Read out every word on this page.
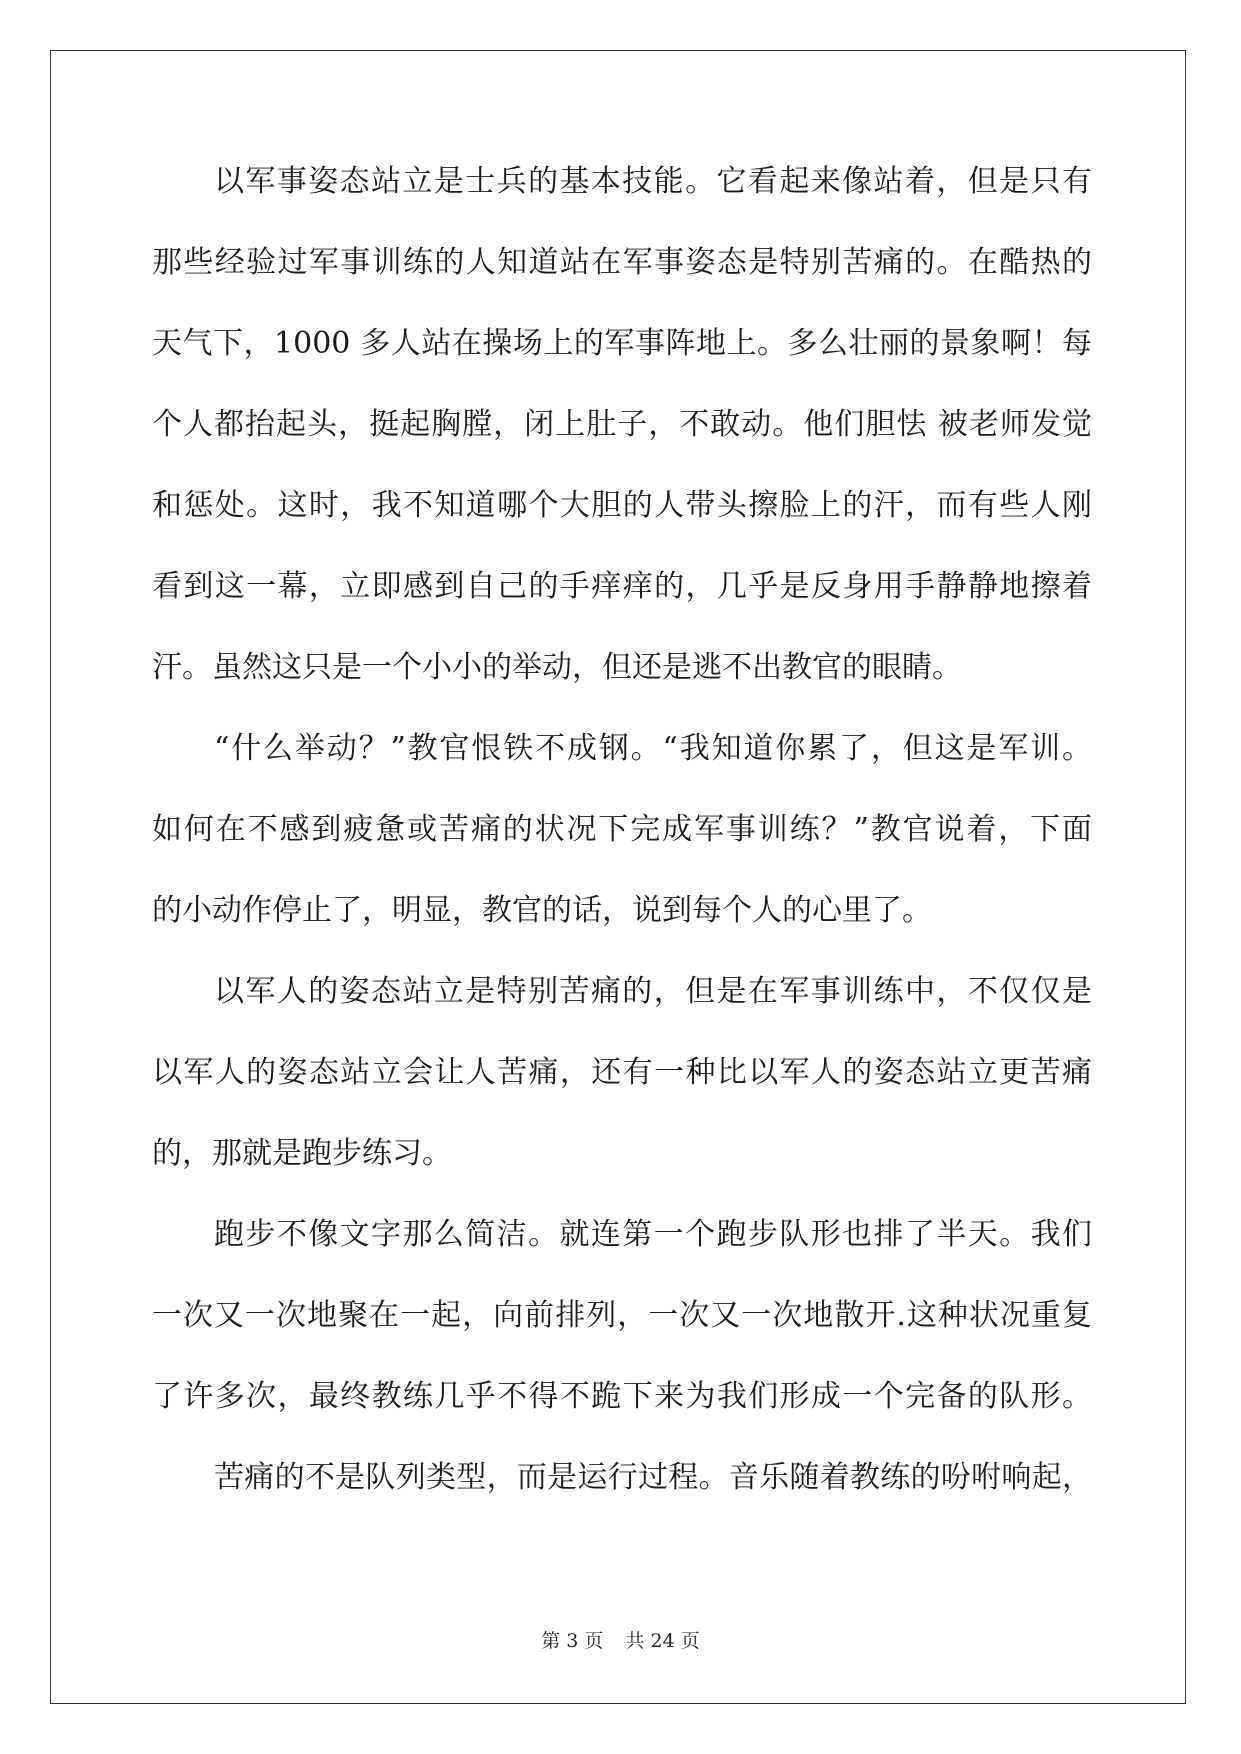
以军事姿态站立是士兵的基本技能。它看起来像站着，但是只有
那些经验过军事训练的人知道站在军事姿态是特别苦痛的。在酷热的
天气下，1000 多人站在操场上的军事阵地上。多么壮丽的景象啊！每
个人都抬起头，挺起胸膛，闭上肚子，不敢动。他们胆怯 被老师发觉
和惩处。这时，我不知道哪个大胆的人带头擦脸上的汗，而有些人刚
看到这一幕，立即感到自己的手痒痒的，几乎是反身用手静静地擦着
汗。虽然这只是一个小小的举动，但还是逃不出教官的眼睛。
“什么举动？”教官恨铁不成钢。“我知道你累了，但这是军训。
如何在不感到疲惫或苦痛的状况下完成军事训练？”教官说着，下面
的小动作停止了，明显，教官的话，说到每个人的心里了。
以军人的姿态站立是特别苦痛的，但是在军事训练中，不仅仅是
以军人的姿态站立会让人苦痛，还有一种比以军人的姿态站立更苦痛
的，那就是跑步练习。
跑步不像文字那么简洁。就连第一个跑步队形也排了半天。我们
一次又一次地聚在一起，向前排列，一次又一次地散开.这种状况重复
了许多次，最终教练几乎不得不跪下来为我们形成一个完备的队形。
苦痛的不是队列类型，而是运行过程。音乐随着教练的吩咐响起，
第 3 页 共 24 页
